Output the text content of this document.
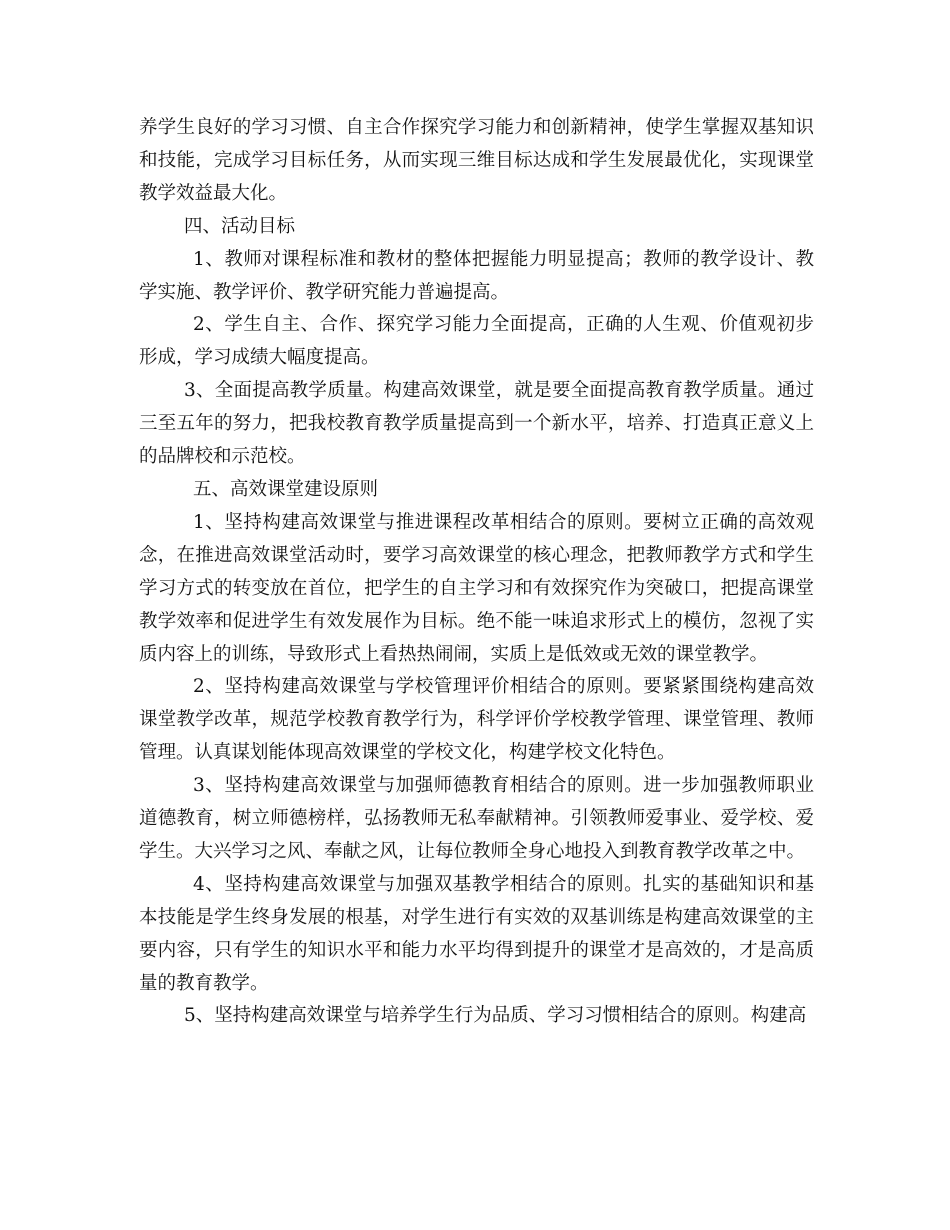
养学生良好的学习习惯、自主合作探究学习能力和创新精神，使学生掌握双基知识和技能，完成学习目标任务，从而实现三维目标达成和学生发展最优化，实现课堂教学效益最大化。

四、活动目标

1、教师对课程标准和教材的整体把握能力明显提高；教师的教学设计、教学实施、教学评价、教学研究能力普遍提高。

2、学生自主、合作、探究学习能力全面提高，正确的人生观、价值观初步形成，学习成绩大幅度提高。

3、全面提高教学质量。构建高效课堂，就是要全面提高教育教学质量。通过三至五年的努力，把我校教育教学质量提高到一个新水平，培养、打造真正意义上的品牌校和示范校。

五、高效课堂建设原则

1、坚持构建高效课堂与推进课程改革相结合的原则。要树立正确的高效观念，在推进高效课堂活动时，要学习高效课堂的核心理念，把教师教学方式和学生学习方式的转变放在首位，把学生的自主学习和有效探究作为突破口，把提高课堂教学效率和促进学生有效发展作为目标。绝不能一味追求形式上的模仿，忽视了实质内容上的训练，导致形式上看热热闹闹，实质上是低效或无效的课堂教学。

2、坚持构建高效课堂与学校管理评价相结合的原则。要紧紧围绕构建高效课堂教学改革，规范学校教育教学行为，科学评价学校教学管理、课堂管理、教师管理。认真谋划能体现高效课堂的学校文化，构建学校文化特色。

3、坚持构建高效课堂与加强师德教育相结合的原则。进一步加强教师职业道德教育，树立师德榜样，弘扬教师无私奉献精神。引领教师爱事业、爱学校、爱学生。大兴学习之风、奉献之风，让每位教师全身心地投入到教育教学改革之中。

4、坚持构建高效课堂与加强双基教学相结合的原则。扎实的基础知识和基本技能是学生终身发展的根基，对学生进行有实效的双基训练是构建高效课堂的主要内容，只有学生的知识水平和能力水平均得到提升的课堂才是高效的，才是高质量的教育教学。

5、坚持构建高效课堂与培养学生行为品质、学习习惯相结合的原则。构建高
